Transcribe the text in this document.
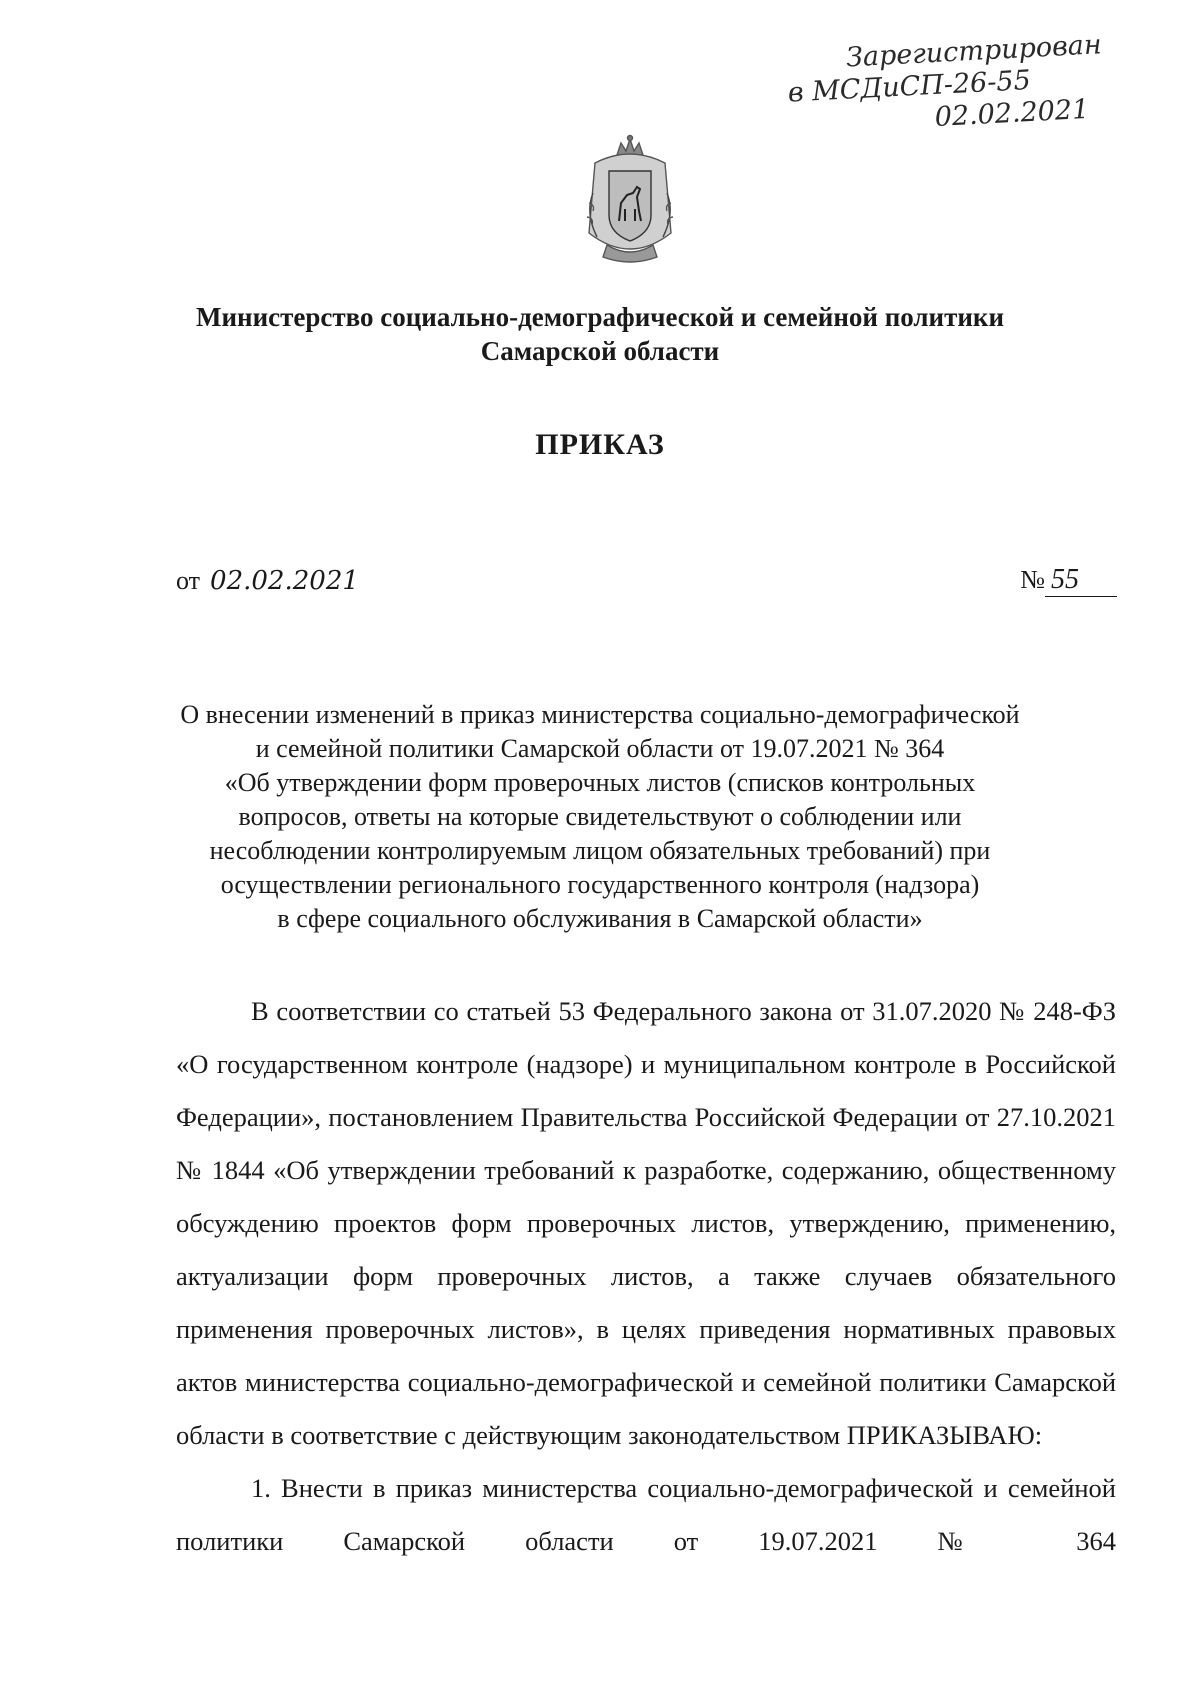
Зарегистрирован
в МСДиСП-26-55
02.02.2021
Министерство социально-демографической и семейной политики
Самарской области
ПРИКАЗ
от 02.02.2021	№ 55
О внесении изменений в приказ министерства социально-демографической
и семейной политики Самарской области от 19.07.2021 № 364
«Об утверждении форм проверочных листов (списков контрольных
вопросов, ответы на которые свидетельствуют о соблюдении или
несоблюдении контролируемым лицом обязательных требований) при
осуществлении регионального государственного контроля (надзора)
в сфере социального обслуживания в Самарской области»

В соответствии со статьей 53 Федерального закона от 31.07.2020 № 248-ФЗ «О государственном контроле (надзоре) и муниципальном контроле в Российской Федерации», постановлением Правительства Российской Федерации от 27.10.2021 № 1844 «Об утверждении требований к разработке, содержанию, общественному обсуждению проектов форм проверочных листов, утверждению, применению, актуализации форм проверочных листов, а также случаев обязательного применения проверочных листов», в целях приведения нормативных правовых актов министерства социально-демографической и семейной политики Самарской области в соответствие с действующим законодательством ПРИКАЗЫВАЮ:

1. Внести в приказ министерства социально-демографической и семейной политики Самарской области от 19.07.2021 № 364
